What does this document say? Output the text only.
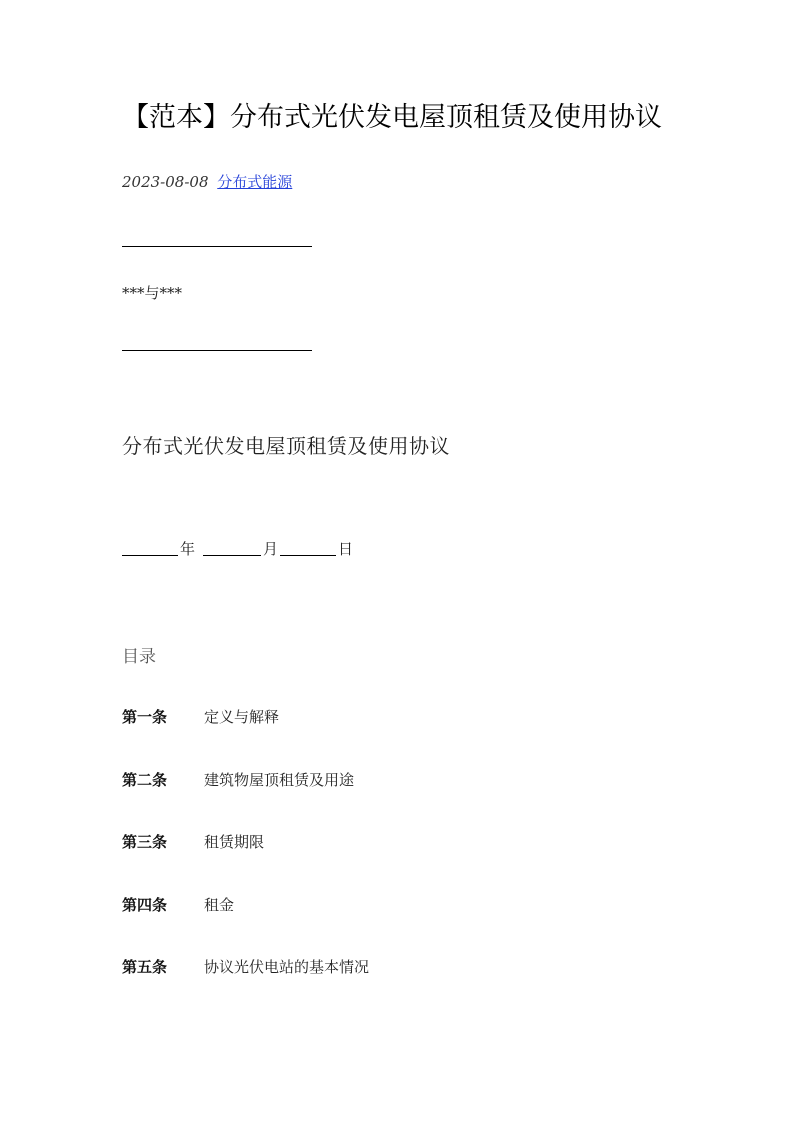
【范本】分布式光伏发电屋顶租赁及使用协议
2023-08-08 分布式能源
***与***
分布式光伏发电屋顶租赁及使用协议
年	月	日
目录
第一条 定义与解释
第二条 建筑物屋顶租赁及用途
第三条 租赁期限
第四条 租金
第五条 协议光伏电站的基本情况
